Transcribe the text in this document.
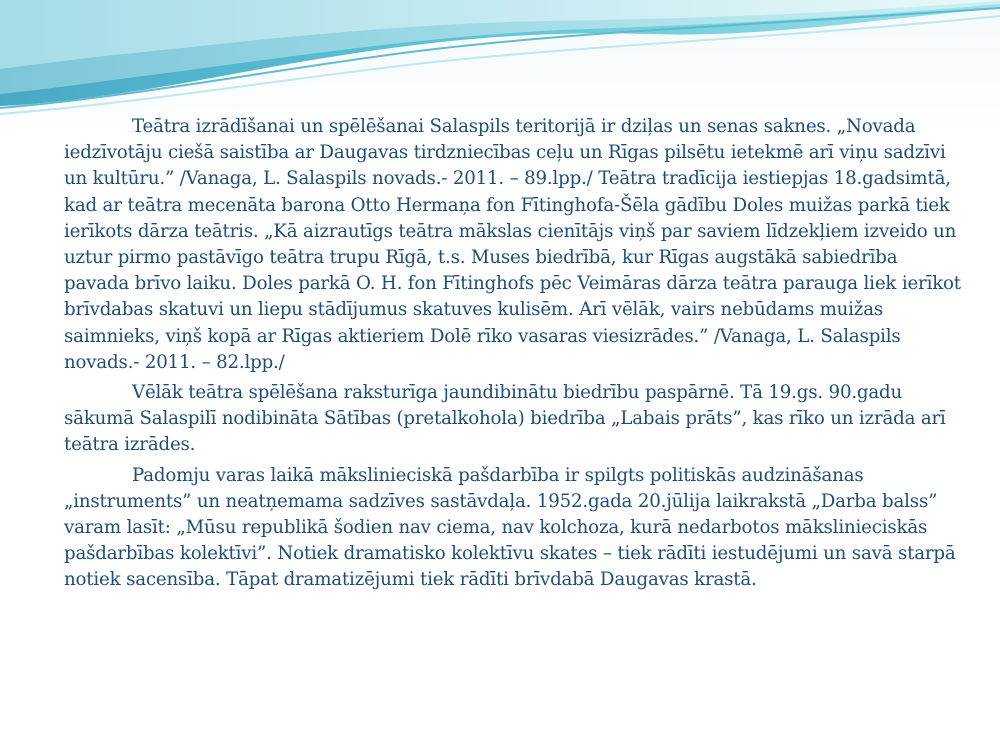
Teātra izrādīšanai un spēlēšanai Salaspils teritorijā ir dziļas un senas saknes. „Novada iedzīvotāju ciešā saistība ar Daugavas tirdzniecības ceļu un Rīgas pilsētu ietekmē arī viņu sadzīvi un kultūru.” /Vanaga, L. Salaspils novads.- 2011. – 89.lpp./ Teātra tradīcija iestiepjas 18.gadsimtā, kad ar teātra mecenāta barona Otto Hermaņa fon Fītinghofa-Šēla gādību Doles muižas parkā tiek ierīkots dārza teātris. „Kā aizrautīgs teātra mākslas cienītājs viņš par saviem līdzekļiem izveido un uztur pirmo pastāvīgo teātra trupu Rīgā, t.s. Muses biedrībā, kur Rīgas augstākā sabiedrība pavada brīvo laiku. Doles parkā O. H. fon Fītinghofs pēc Veimāras dārza teātra parauga liek ierīkot brīvdabas skatuvi un liepu stādījumus skatuves kulisēm. Arī vēlāk, vairs nebūdams muižas saimnieks, viņš kopā ar Rīgas aktieriem Dolē rīko vasaras viesizrādes.” /Vanaga, L. Salaspils novads.- 2011. – 82.lpp./

Vēlāk teātra spēlēšana raksturīga jaundibinātu biedrību paspārnē. Tā 19.gs. 90.gadu sākumā Salaspilī nodibināta Sātības (pretalkohola) biedrība „Labais prāts”, kas rīko un izrāda arī teātra izrādes.

Padomju varas laikā mākslinieciskā pašdarbība ir spilgts politiskās audzināšanas „instruments” un neatņemama sadzīves sastāvdaļa. 1952.gada 20.jūlija laikrakstā „Darba balss” varam lasīt: „Mūsu republikā šodien nav ciema, nav kolchoza, kurā nedarbotos mākslinieciskās pašdarbības kolektīvi”. Notiek dramatisko kolektīvu skates – tiek rādīti iestudējumi un savā starpā notiek sacensība. Tāpat dramatizējumi tiek rādīti brīvdabā Daugavas krastā.
